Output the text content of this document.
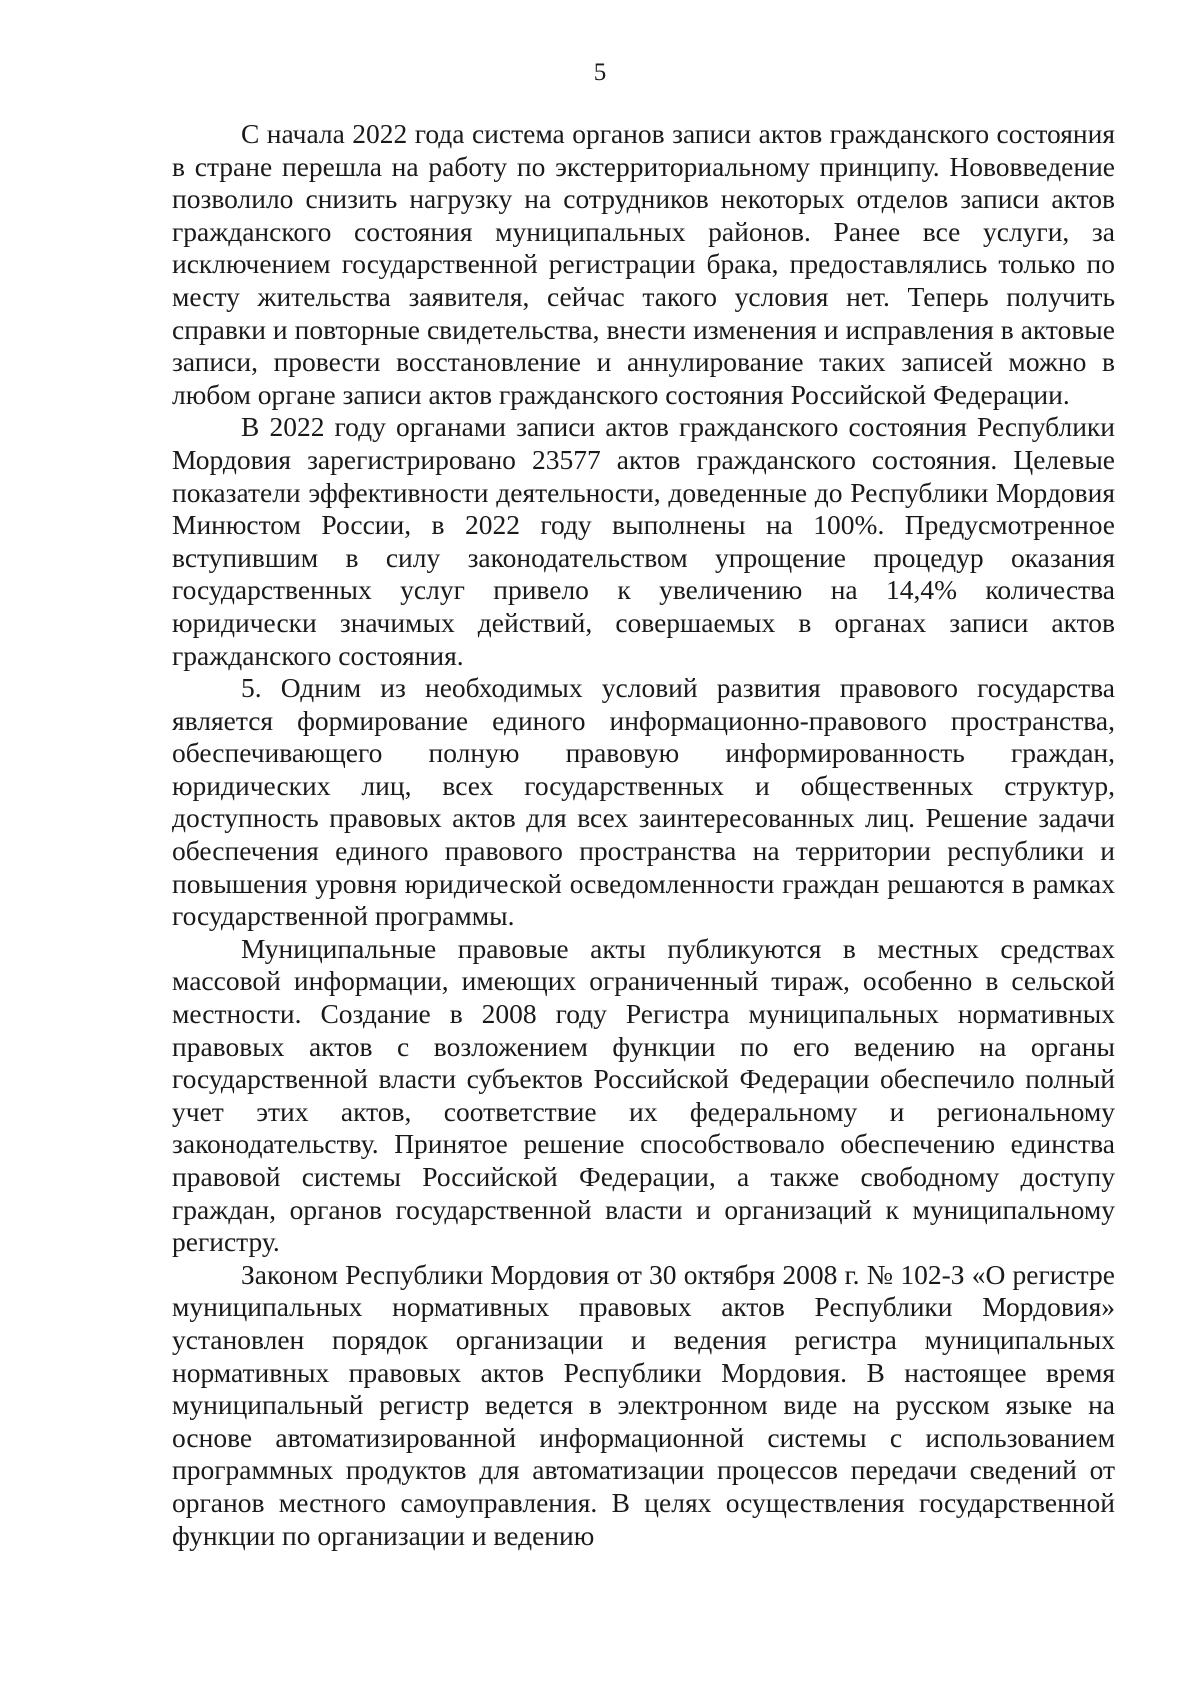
5

С начала 2022 года система органов записи актов гражданского состояния в стране перешла на работу по экстерриториальному принципу. Нововведение позволило снизить нагрузку на сотрудников некоторых отделов записи актов гражданского состояния муниципальных районов. Ранее все услуги, за исключением государственной регистрации брака, предоставлялись только по месту жительства заявителя, сейчас такого условия нет. Теперь получить справки и повторные свидетельства, внести изменения и исправления в актовые записи, провести восстановление и аннулирование таких записей можно в любом органе записи актов гражданского состояния Российской Федерации.

В 2022 году органами записи актов гражданского состояния Республики Мордовия зарегистрировано 23577 актов гражданского состояния. Целевые показатели эффективности деятельности, доведенные до Республики Мордовия Минюстом России, в 2022 году выполнены на 100%. Предусмотренное вступившим в силу законодательством упрощение процедур оказания государственных услуг привело к увеличению на 14,4% количества юридически значимых действий, совершаемых в органах записи актов гражданского состояния.

5. Одним из необходимых условий развития правового государства является формирование единого информационно-правового пространства, обеспечивающего полную правовую информированность граждан, юридических лиц, всех государственных и общественных структур, доступность правовых актов для всех заинтересованных лиц. Решение задачи обеспечения единого правового пространства на территории республики и повышения уровня юридической осведомленности граждан решаются в рамках государственной программы.

Муниципальные правовые акты публикуются в местных средствах массовой информации, имеющих ограниченный тираж, особенно в сельской местности. Создание в 2008 году Регистра муниципальных нормативных правовых актов с возложением функции по его ведению на органы государственной власти субъектов Российской Федерации обеспечило полный учет этих актов, соответствие их федеральному и региональному законодательству. Принятое решение способствовало обеспечению единства правовой системы Российской Федерации, а также свободному доступу граждан, органов государственной власти и организаций к муниципальному регистру.

Законом Республики Мордовия от 30 октября 2008 г. № 102-З «О регистре муниципальных нормативных правовых актов Республики Мордовия» установлен порядок организации и ведения регистра муниципальных нормативных правовых актов Республики Мордовия. В настоящее время муниципальный регистр ведется в электронном виде на русском языке на основе автоматизированной информационной системы с использованием программных продуктов для автоматизации процессов передачи сведений от органов местного самоуправления. В целях осуществления государственной функции по организации и ведению
